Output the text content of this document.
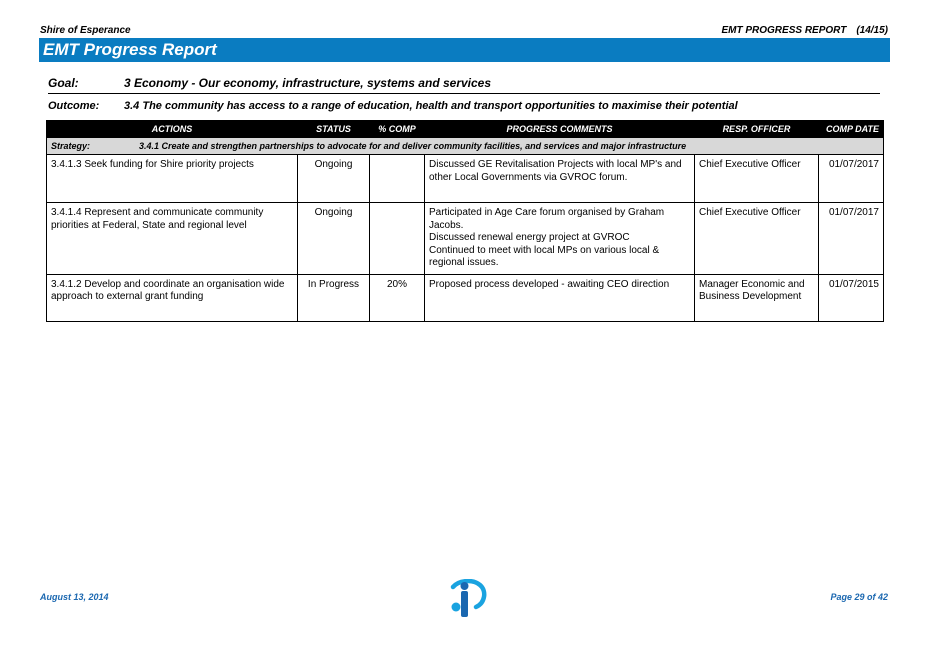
Shire of Esperance	EMT PROGRESS REPORT (14/15)
EMT Progress Report
Goal:	3 Economy - Our economy, infrastructure, systems and services
Outcome: 3.4 The community has access to a range of education, health and transport opportunities to maximise their potential
ACTIONS	STATUS	% COMP	PROGRESS COMMENTS	RESP. OFFICER	COMP DATE
Strategy: 3.4.1 Create and strengthen partnerships to advocate for and deliver community facilities, and services and major infrastructure					
3.4.1.3 Seek funding for Shire priority projects	Ongoing		Discussed GE Revitalisation Projects with local MP's and other Local Governments via GVROC forum.	Chief Executive Officer	01/07/2017
3.4.1.4 Represent and communicate community priorities at Federal, State and regional level	Ongoing		Participated in Age Care forum organised by Graham Jacobs.
Discussed renewal energy project at GVROC
Continued to meet with local MPs on various local & regional issues.	Chief Executive Officer	01/07/2017
3.4.1.2 Develop and coordinate an organisation wide approach to external grant funding	In Progress	20%	Proposed process developed - awaiting CEO direction	Manager Economic and Business Development	01/07/2015
August 13, 2014	Page 29 of 42
